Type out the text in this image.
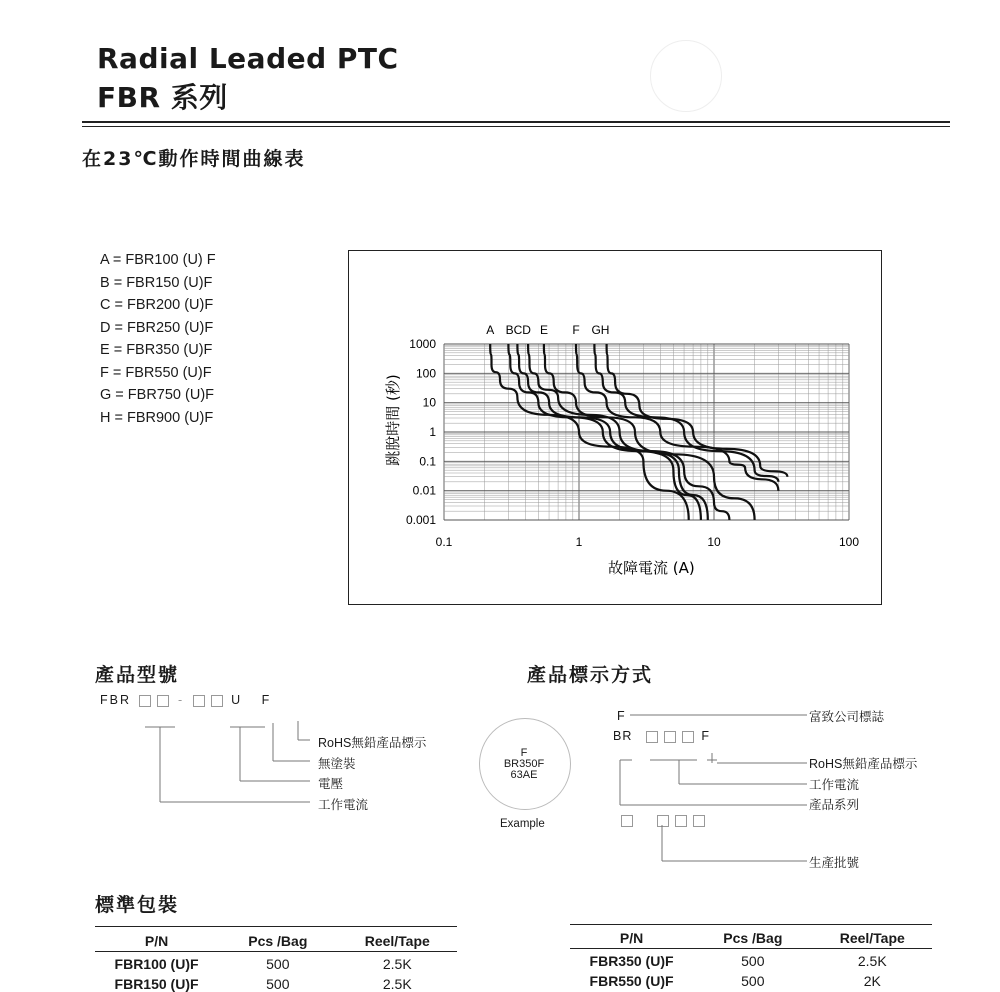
Radial Leaded PTC
FBR 系列
在23℃動作時間曲線表
A = FBR100 (U) F
B = FBR150 (U)F
C = FBR200 (U)F
D = FBR250 (U)F
E = FBR350 (U)F
F = FBR550 (U)F
G = FBR750 (U)F
H = FBR900 (U)F
0.1	1	10	100
1000
100
10
1
0.1
0.01
0.001
A BCD E F GH
故障電流 (A)
跳脫時間 (秒)
產品型號
FBR	-	U F
RoHS無鉛產品標示
無塗裝
電壓
工作電流
產品標示方式
F
BR350F
63AE
Example
F
BR	F
富致公司標誌
RoHS無鉛產品標示
工作電流
產品系列
生產批號
標準包裝
P/N	Pcs /Bag	Reel/Tape
FBR100 (U)F	500	2.5K
FBR150 (U)F	500	2.5K
P/N	Pcs /Bag	Reel/Tape
FBR350 (U)F	500	2.5K
FBR550 (U)F	500	2K
